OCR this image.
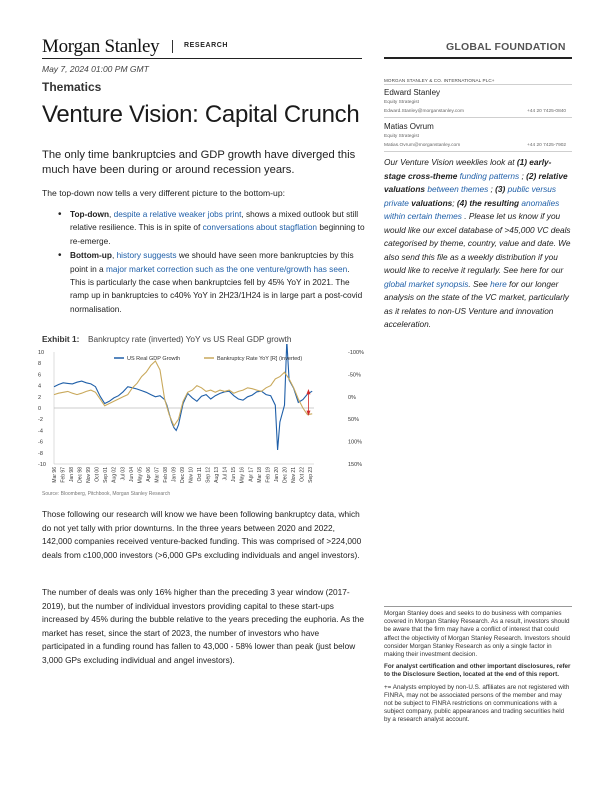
Morgan Stanley	RESEARCH	GLOBAL FOUNDATION
May 7, 2024 01:00 PM GMT
Thematics
Venture Vision: Capital Crunch
The only time bankruptcies and GDP growth have diverged this much have been during or around recession years.
The top-down now tells a very different picture to the bottom-up:
• Top-down, despite a relative weaker jobs print, shows a mixed outlook but still relative resilience. This is in spite of conversations about stagflation beginning to re-emerge.
• Bottom-up, history suggests we should have seen more bankruptcies by this point in a major market correction such as the one venture/growth has seen. This is particularly the case when bankruptcies fell by 45% YoY in 2021. The ramp up in bankruptcies to c40% YoY in 2H23/1H24 is in large part a post-covid normalisation.
Exhibit 1: Bankruptcy rate (inverted) YoY vs US Real GDP growth
10
8
6
4
2
0
-2
-4
-6
-8
-10
-100%
-50%
0%
50%
100%
150%
Mar 96 Feb 97 Jan 98 Dec 98 Nov 99 Oct 00 Sep 01 Aug 02 Jul 03 Jun 04 May 05 Apr 06 Mar 07 Feb 08 Jan 09 Dec 09 Nov 10 Oct 11 Sep 12 Aug 13 Jul 14 Jun 15 May 16 Apr 17 Mar 18 Feb 19 Jan 20 Dec 20 Nov 21 Oct 22 Sep 23
US Real GDP Growth	Bankruptcy Rate YoY [R] (inverted)
Source: Bloomberg, Pitchbook, Morgan Stanley Research
Those following our research will know we have been following bankruptcy data, which do not yet tally with prior downturns. In the three years between 2020 and 2022, 142,000 companies received venture-backed funding. This was comprised of >224,000 deals from c100,000 investors (>6,000 GPs excluding individuals and angel investors).
The number of deals was only 16% higher than the preceding 3 year window (2017-2019), but the number of individual investors providing capital to these start-ups increased by 45% during the bubble relative to the years preceding the euphoria. As the market has reset, since the start of 2023, the number of investors who have participated in a funding round has fallen to 43,000 - 58% lower than peak (just below 3,000 GPs excluding individual and angel investors).
MORGAN STANLEY & CO. INTERNATIONAL PLC+
Edward Stanley
Equity Strategist
Edward.Stanley@morganstanley.com	+44 20 7425-0840
Matias Ovrum
Equity Strategist
Matias.Ovrum@morganstanley.com	+44 20 7425-7902
Our Venture Vision weeklies look at (1) early-stage cross-theme funding patterns ; (2) relative valuations between themes ; (3) public versus private valuations; (4) the resulting anomalies within certain themes . Please let us know if you would like our excel database of >45,000 VC deals categorised by theme, country, value and date. We also send this file as a weekly distribution if you would like to receive it regularly. See here for our global market synopsis. See here for our longer analysis on the state of the VC market, particularly as it relates to non-US Venture and innovation acceleration.

Morgan Stanley does and seeks to do business with companies covered in Morgan Stanley Research. As a result, investors should be aware that the firm may have a conflict of interest that could affect the objectivity of Morgan Stanley Research. Investors should consider Morgan Stanley Research as only a single factor in making their investment decision.

For analyst certification and other important disclosures, refer to the Disclosure Section, located at the end of this report.

+= Analysts employed by non-U.S. affiliates are not registered with FINRA, may not be associated persons of the member and may not be subject to FINRA restrictions on communications with a subject company, public appearances and trading securities held by a research analyst account.
